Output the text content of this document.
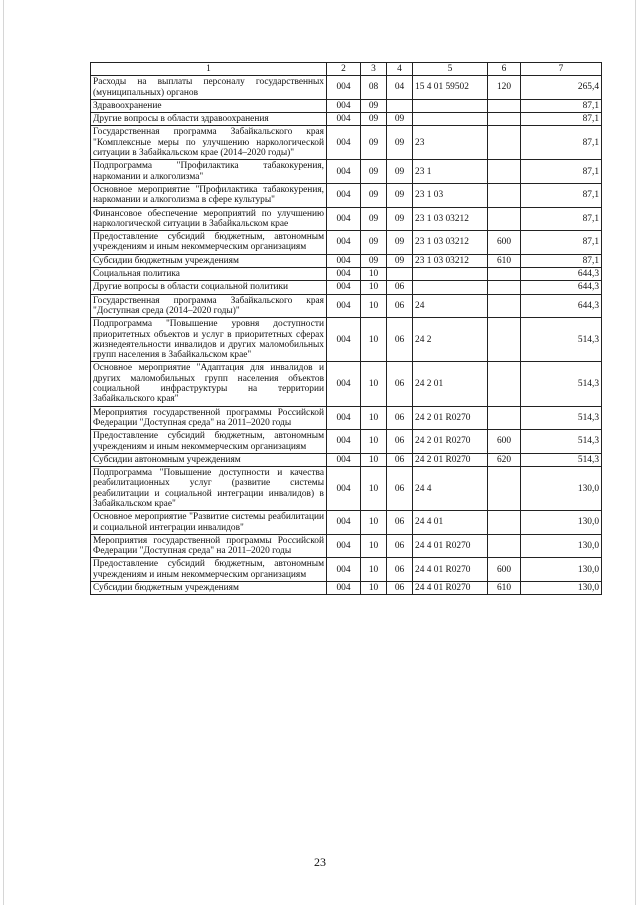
1	2	3	4	5	6	7
Расходы на выплаты персоналу государственных (муниципальных) органов	004	08	04	15 4 01 59502	120	265,4
Здравоохранение	004	09				87,1
Другие вопросы в области здравоохранения	004	09	09			87,1
Государственная программа Забайкальского края "Комплексные меры по улучшению наркологической ситуации в Забайкальском крае (2014–2020 годы)"	004	09	09	23		87,1
Подпрограмма "Профилактика табакокурения, наркомании и алкоголизма"	004	09	09	23 1		87,1
Основное мероприятие "Профилактика табакокурения, наркомании и алкоголизма в сфере культуры"	004	09	09	23 1 03		87,1
Финансовое обеспечение мероприятий по улучшению наркологической ситуации в Забайкальском крае	004	09	09	23 1 03 03212		87,1
Предоставление субсидий бюджетным, автономным учреждениям и иным некоммерческим организациям	004	09	09	23 1 03 03212	600	87,1
Субсидии бюджетным учреждениям	004	09	09	23 1 03 03212	610	87,1
Социальная политика	004	10				644,3
Другие вопросы в области социальной политики	004	10	06			644,3
Государственная программа Забайкальского края "Доступная среда (2014–2020 годы)"	004	10	06	24		644,3
Подпрограмма "Повышение уровня доступности приоритетных объектов и услуг в приоритетных сферах жизнедеятельности инвалидов и других маломобильных групп населения в Забайкальском крае"	004	10	06	24 2		514,3
Основное мероприятие "Адаптация для инвалидов и других маломобильных групп населения объектов социальной инфраструктуры на территории Забайкальского края"	004	10	06	24 2 01		514,3
Мероприятия государственной программы Российской Федерации "Доступная среда" на 2011–2020 годы	004	10	06	24 2 01 R0270		514,3
Предоставление субсидий бюджетным, автономным учреждениям и иным некоммерческим организациям	004	10	06	24 2 01 R0270	600	514,3
Субсидии автономным учреждениям	004	10	06	24 2 01 R0270	620	514,3
Подпрограмма "Повышение доступности и качества реабилитационных услуг (развитие системы реабилитации и социальной интеграции инвалидов) в Забайкальском крае"	004	10	06	24 4		130,0
Основное мероприятие "Развитие системы реабилитации и социальной интеграции инвалидов"	004	10	06	24 4 01		130,0
Мероприятия государственной программы Российской Федерации "Доступная среда" на 2011–2020 годы	004	10	06	24 4 01 R0270		130,0
Предоставление субсидий бюджетным, автономным учреждениям и иным некоммерческим организациям	004	10	06	24 4 01 R0270	600	130,0
Субсидии бюджетным учреждениям	004	10	06	24 4 01 R0270	610	130,0
23
